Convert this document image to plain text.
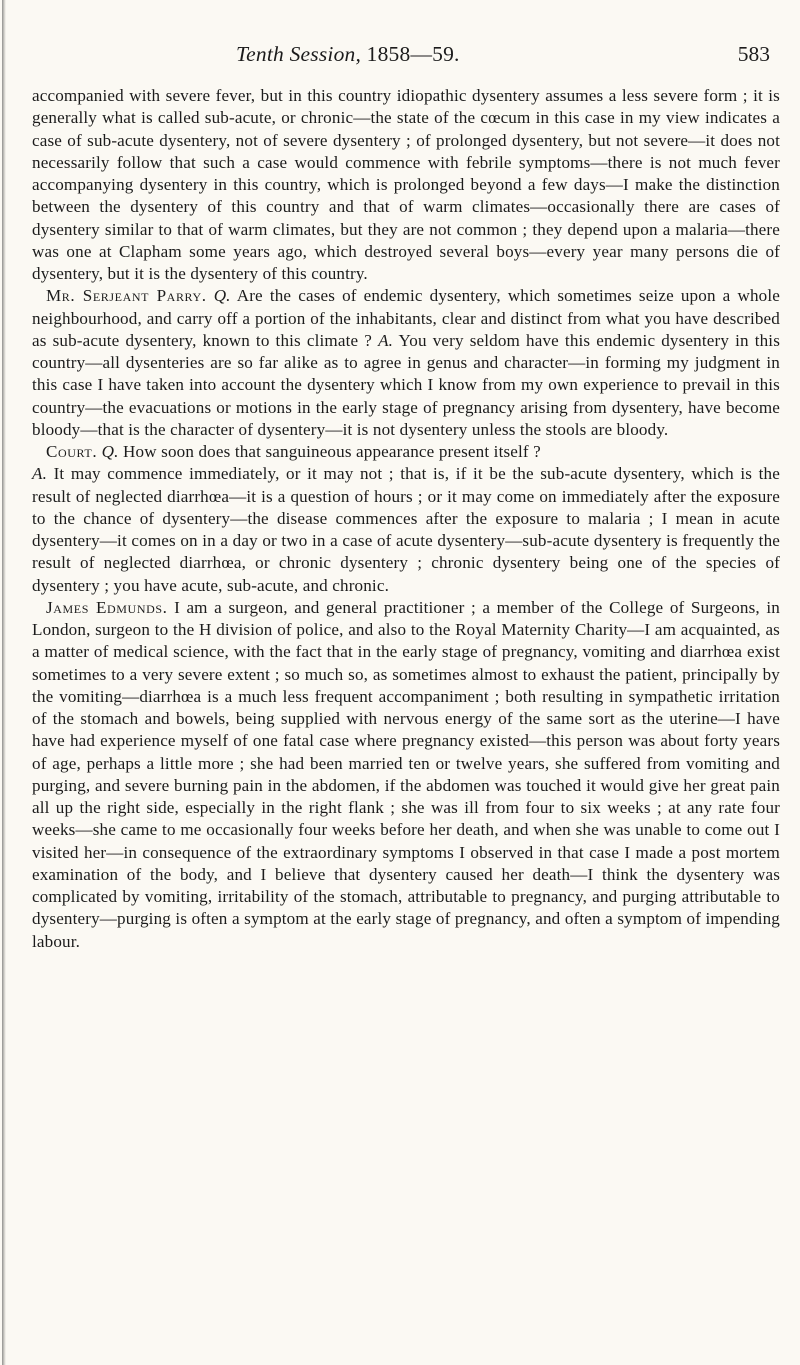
Tenth Session, 1858—59.	583

accompanied with severe fever, but in this country idiopathic dysentery assumes a less severe form ; it is generally what is called sub-acute, or chronic—the state of the cœcum in this case in my view indicates a case of sub-acute dysentery, not of severe dysentery ; of prolonged dysentery, but not severe—it does not necessarily follow that such a case would commence with febrile symptoms—there is not much fever accompanying dysentery in this country, which is prolonged beyond a few days—I make the distinction between the dysentery of this country and that of warm climates—occasionally there are cases of dysentery similar to that of warm climates, but they are not common ; they depend upon a malaria—there was one at Clapham some years ago, which destroyed several boys—every year many persons die of dysentery, but it is the dysentery of this country.

Mr. Serjeant Parry. Q. Are the cases of endemic dysentery, which sometimes seize upon a whole neighbourhood, and carry off a portion of the inhabitants, clear and distinct from what you have described as sub-acute dysentery, known to this climate ? A. You very seldom have this endemic dysentery in this country—all dysenteries are so far alike as to agree in genus and character—in forming my judgment in this case I have taken into account the dysentery which I know from my own experience to prevail in this country—the evacuations or motions in the early stage of pregnancy arising from dysentery, have become bloody—that is the character of dysentery—it is not dysentery unless the stools are bloody.

Court. Q. How soon does that sanguineous appearance present itself ?
A. It may commence immediately, or it may not ; that is, if it be the sub-acute dysentery, which is the result of neglected diarrhœa—it is a question of hours ; or it may come on immediately after the exposure to the chance of dysentery—the disease commences after the exposure to malaria ; I mean in acute dysentery—it comes on in a day or two in a case of acute dysentery—sub-acute dysentery is frequently the result of neglected diarrhœa, or chronic dysentery ; chronic dysentery being one of the species of dysentery ; you have acute, sub-acute, and chronic.

James Edmunds. I am a surgeon, and general practitioner ; a member of the College of Surgeons, in London, surgeon to the H division of police, and also to the Royal Maternity Charity—I am acquainted, as a matter of medical science, with the fact that in the early stage of pregnancy, vomiting and diarrhœa exist sometimes to a very severe extent ; so much so, as sometimes almost to exhaust the patient, principally by the vomiting—diarrhœa is a much less frequent accompaniment ; both resulting in sympathetic irritation of the stomach and bowels, being supplied with nervous energy of the same sort as the uterine—I have have had experience myself of one fatal case where pregnancy existed—this person was about forty years of age, perhaps a little more ; she had been married ten or twelve years, she suffered from vomiting and purging, and severe burning pain in the abdomen, if the abdomen was touched it would give her great pain all up the right side, especially in the right flank ; she was ill from four to six weeks ; at any rate four weeks—she came to me occasionally four weeks before her death, and when she was unable to come out I visited her—in consequence of the extraordinary symptoms I observed in that case I made a post mortem examination of the body, and I believe that dysentery caused her death—I think the dysentery was complicated by vomiting, irritability of the stomach, attributable to pregnancy, and purging attributable to dysentery—purging is often a symptom at the early stage of pregnancy, and often a symptom of impending labour.
